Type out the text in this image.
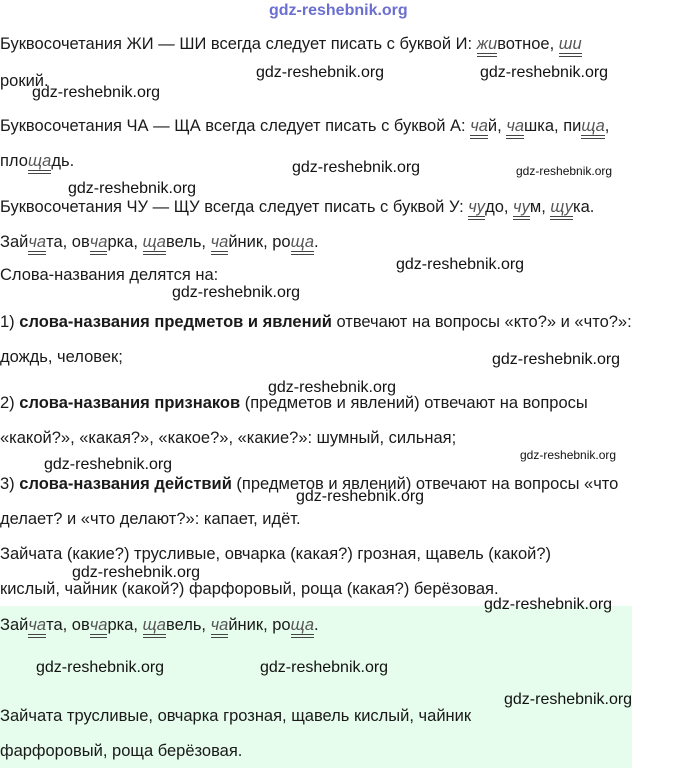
gdz-reshebnik.org
gdz-reshebnik.org	gdz-reshebnik.org
gdz-reshebnik.org
gdz-reshebnik.org	gdz-reshebnik.org
gdz-reshebnik.org
gdz-reshebnik.org
gdz-reshebnik.org
gdz-reshebnik.org
gdz-reshebnik.org
gdz-reshebnik.org
gdz-reshebnik.org
gdz-reshebnik.org
gdz-reshebnik.org
gdz-reshebnik.org
gdz-reshebnik.org	gdz-reshebnik.org
gdz-reshebnik.org
Буквосочетания ЖИ — ШИ всегда следует писать с буквой И: животное, ши
рокий.
Буквосочетания ЧА — ЩА всегда следует писать с буквой А: чай, чашка, пища,
площадь.
Буквосочетания ЧУ — ЩУ всегда следует писать с буквой У: чудо, чум, щука.
Зайчата, овчарка, щавель, чайник, роща.
Слова-названия делятся на:
1) слова-названия предметов и явлений отвечают на вопросы «кто?» и «что?»:
дождь, человек;
2) слова-названия признаков (предметов и явлений) отвечают на вопросы
«какой?», «какая?», «какое?», «какие?»: шумный, сильная;
3) слова-названия действий (предметов и явлений) отвечают на вопросы «что
делает? и «что делают?»: капает, идёт.
Зайчата (какие?) трусливые, овчарка (какая?) грозная, щавель (какой?)
кислый, чайник (какой?) фарфоровый, роща (какая?) берёзовая.
Зайчата, овчарка, щавель, чайник, роща.
Зайчата трусливые, овчарка грозная, щавель кислый, чайник
фарфоровый, роща берёзовая.
